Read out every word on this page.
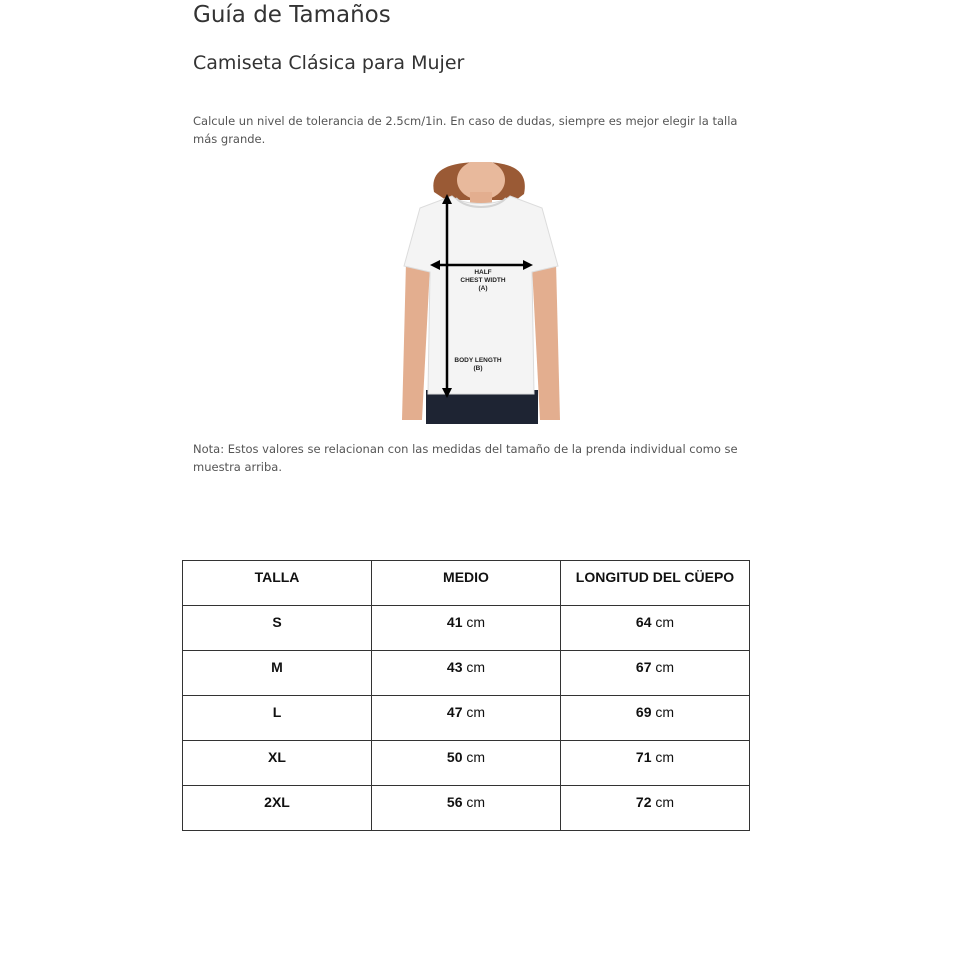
Guía de Tamaños
Camiseta Clásica para Mujer

Calcule un nivel de tolerancia de 2.5cm/1in. En caso de dudas, siempre es mejor elegir la talla más grande.

HALF
CHEST WIDTH
(A)
BODY LENGTH
(B)

Nota: Estos valores se relacionan con las medidas del tamaño de la prenda individual como se muestra arriba.

TALLA	MEDIO	LONGITUD DEL CÜEPO
S	41 cm	64 cm
M	43 cm	67 cm
L	47 cm	69 cm
XL	50 cm	71 cm
2XL	56 cm	72 cm
